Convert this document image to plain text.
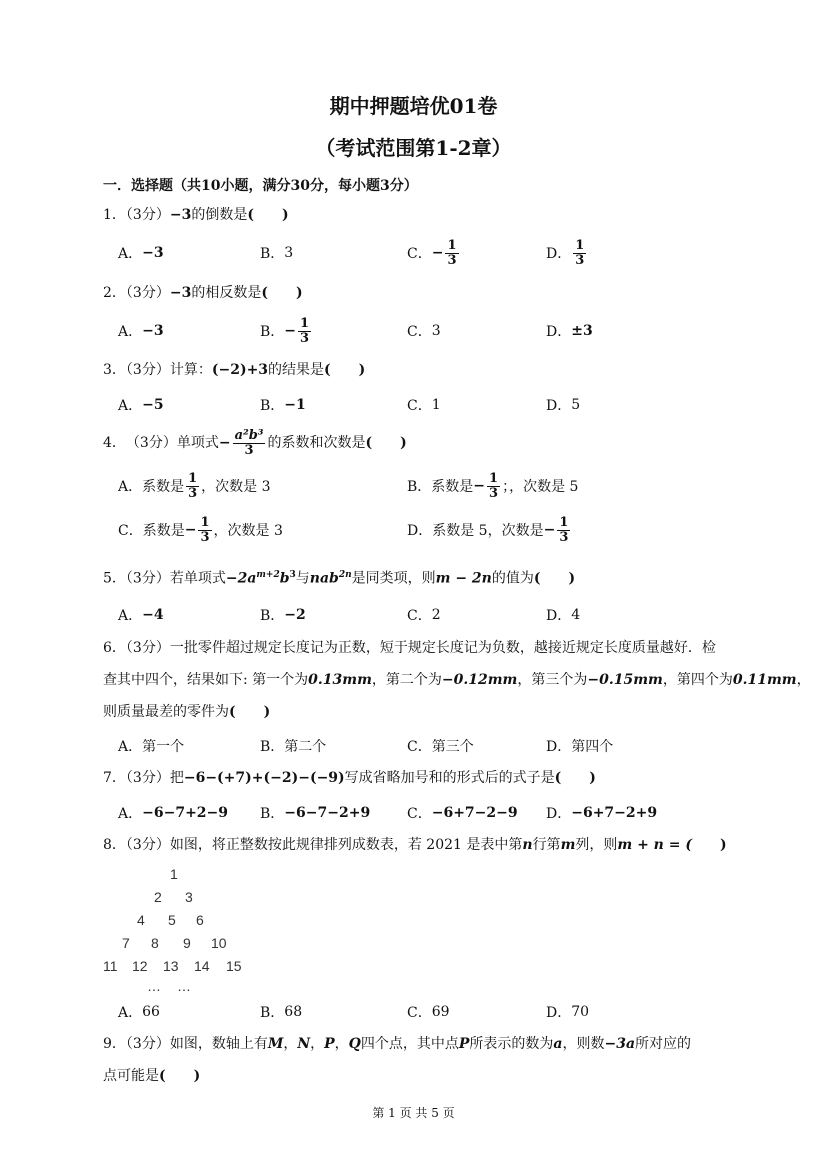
期中押题培优01卷
（考试范围第1-2章）
一．选择题（共10小题，满分30分，每小题3分）
1．（3分）−3的倒数是(　　)
A． −3	B． 3	C． − $\frac{1}{3}$	D． $\frac{1}{3}$
2．（3分）−3的相反数是(　　)
A． −3	B． − $\frac{1}{3}$	C． 3	D． ±3
3．（3分）计算：(−2)+3的结果是(　　)
A． −5	B． −1	C． 1	D． 5
4． （3分） 单项式 − $\frac{\text{a²b³}}{3}$ 的系数和次数是 (　　)
A．系数是 $\frac{1}{3}$ ，次数是 3	B．系数是 − $\frac{1}{3}$ ；，次数是 5
C．系数是 − $\frac{1}{3}$ ，次数是 3	D．系数是 5，次数是 − $\frac{1}{3}$
5．（3分）若单项式$-2a^{m+2}b^3$与nab$^{2n}$是同类项，则m − 2n的值为(　　)
A． −4	B． −2	C． 2	D． 4
6．（3分）一批零件超过规定长度记为正数，短于规定长度记为负数，越接近规定长度质量越好．检
查其中四个，结果如下: 第一个为0.13mm，第二个为−0.12mm，第三个为−0.15mm，第四个为0.11mm，
则质量最差的零件为(　　)
A．第一个	B．第二个	C．第三个	D．第四个
7．（3分）把−6−(+7)+(−2)−(−9)写成省略加号和的形式后的式子是(　　)
A． −6−7+2−9 B． −6−7−2+9	C． −6+7−2−9 D． −6+7−2+9
8．（3分）如图，将正整数按此规律排列成数表，若 2021 是表中第n行第m列，则m + n = (　　)
1
2 3
4 5 6
7 8 9 10
11 12 13 14 15
… …
A． 66	B． 68	C． 69	D． 70
9．（3分）如图，数轴上有M，N，P，Q四个点，其中点P所表示的数为a，则数−3a所对应的
点可能是(　　)
第 1 页 共 5 页
